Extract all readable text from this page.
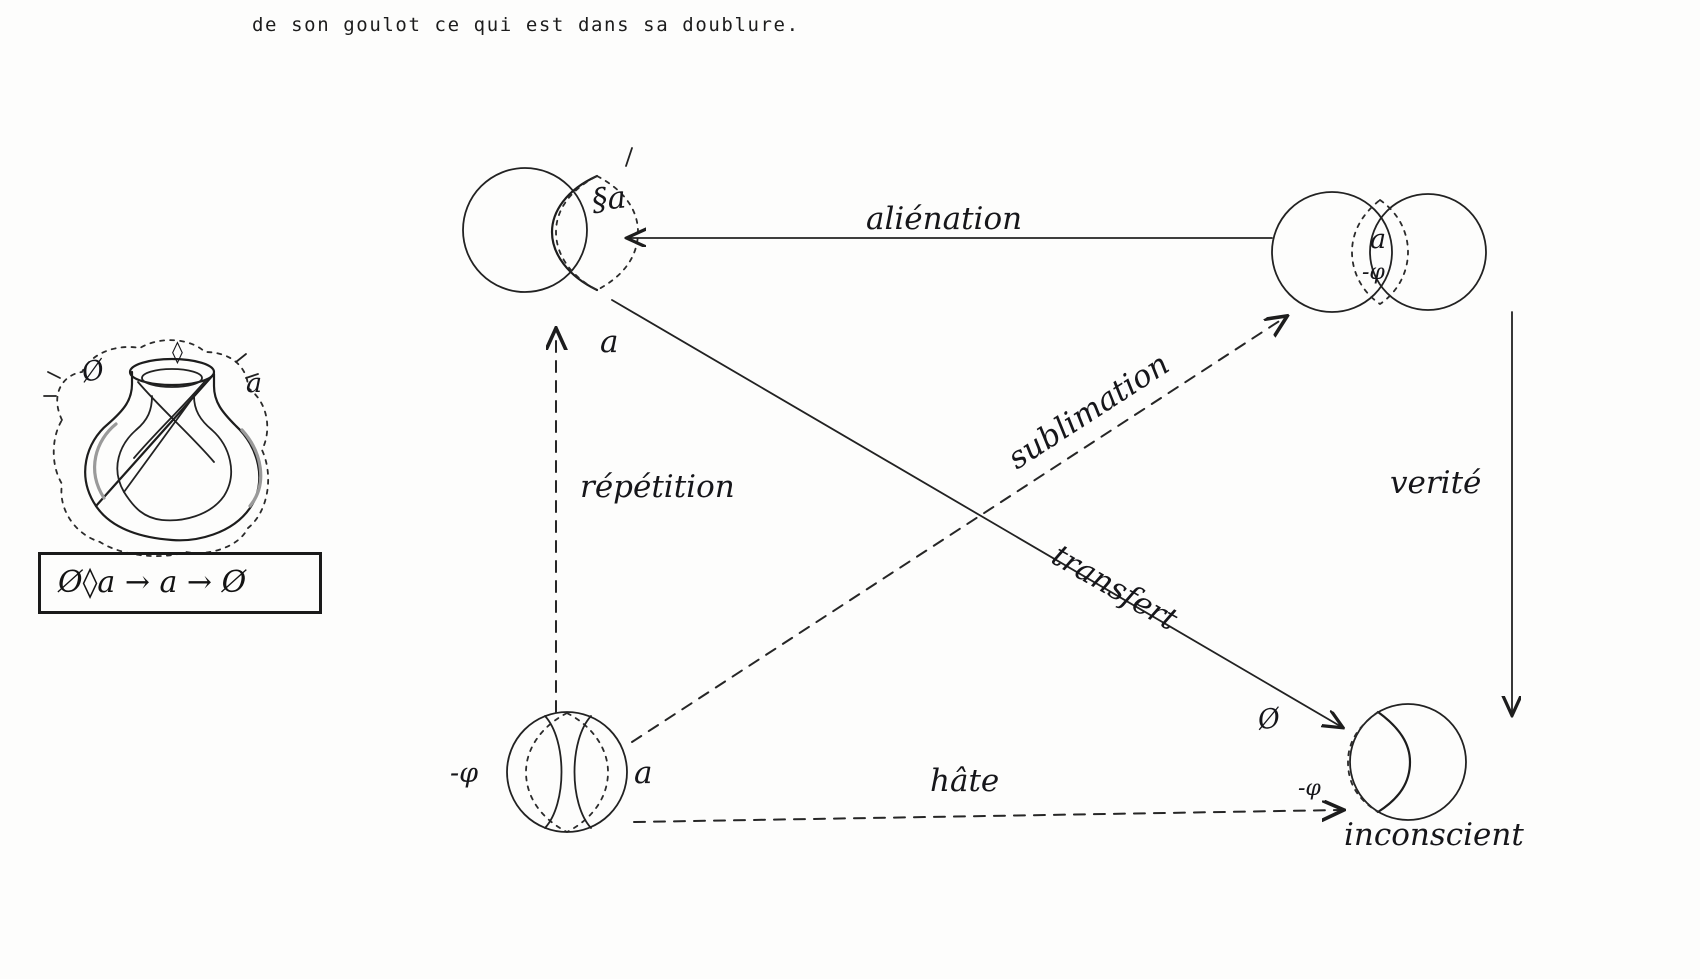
de son goulot ce qui est dans sa doublure.
Ø
◊
a
Ø◊a → a → Ø
§a
a
a
-φ
-φ	a
Ø
-φ
inconscient
aliénation
répétition
sublimation
transfert
verité
hâte
